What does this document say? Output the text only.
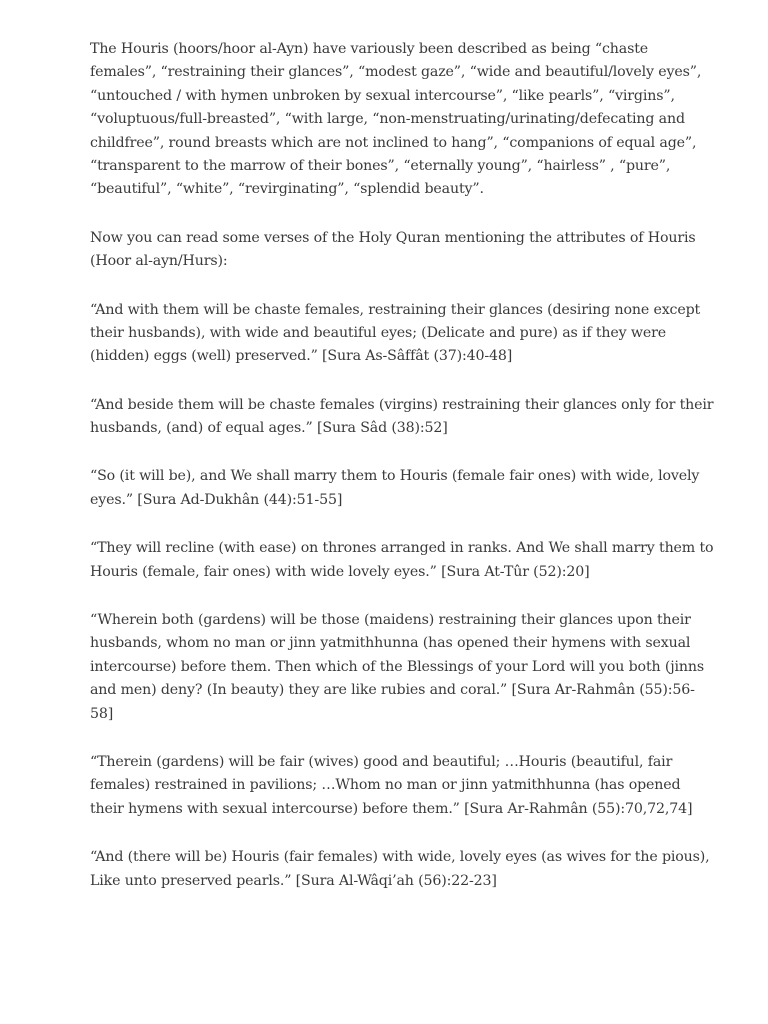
The Houris (hoors/hoor al-Ayn) have variously been described as being “chaste
females”, “restraining their glances”, “modest gaze”, “wide and beautiful/lovely eyes”,
“untouched / with hymen unbroken by sexual intercourse”, “like pearls”, “virgins”,
“voluptuous/full-breasted”, “with large, “non-menstruating/urinating/defecating and
childfree”, round breasts which are not inclined to hang”, “companions of equal age”,
“transparent to the marrow of their bones”, “eternally young”, “hairless” , “pure”,
“beautiful”, “white”, “revirginating”, “splendid beauty”.
Now you can read some verses of the Holy Quran mentioning the attributes of Houris
(Hoor al-ayn/Hurs):
“And with them will be chaste females, restraining their glances (desiring none except
their husbands), with wide and beautiful eyes; (Delicate and pure) as if they were
(hidden) eggs (well) preserved.” [Sura As-Sâffât (37):40-48]
“And beside them will be chaste females (virgins) restraining their glances only for their
husbands, (and) of equal ages.” [Sura Sâd (38):52]
“So (it will be), and We shall marry them to Houris (female fair ones) with wide, lovely
eyes.” [Sura Ad-Dukhân (44):51-55]
“They will recline (with ease) on thrones arranged in ranks. And We shall marry them to
Houris (female, fair ones) with wide lovely eyes.” [Sura At-Tûr (52):20]
“Wherein both (gardens) will be those (maidens) restraining their glances upon their
husbands, whom no man or jinn yatmithhunna (has opened their hymens with sexual
intercourse) before them. Then which of the Blessings of your Lord will you both (jinns
and men) deny? (In beauty) they are like rubies and coral.” [Sura Ar-Rahmân (55):56-
58]
“Therein (gardens) will be fair (wives) good and beautiful; …Houris (beautiful, fair
females) restrained in pavilions; …Whom no man or jinn yatmithhunna (has opened
their hymens with sexual intercourse) before them.” [Sura Ar-Rahmân (55):70,72,74]
“And (there will be) Houris (fair females) with wide, lovely eyes (as wives for the pious),
Like unto preserved pearls.” [Sura Al-Wâqi’ah (56):22-23]
